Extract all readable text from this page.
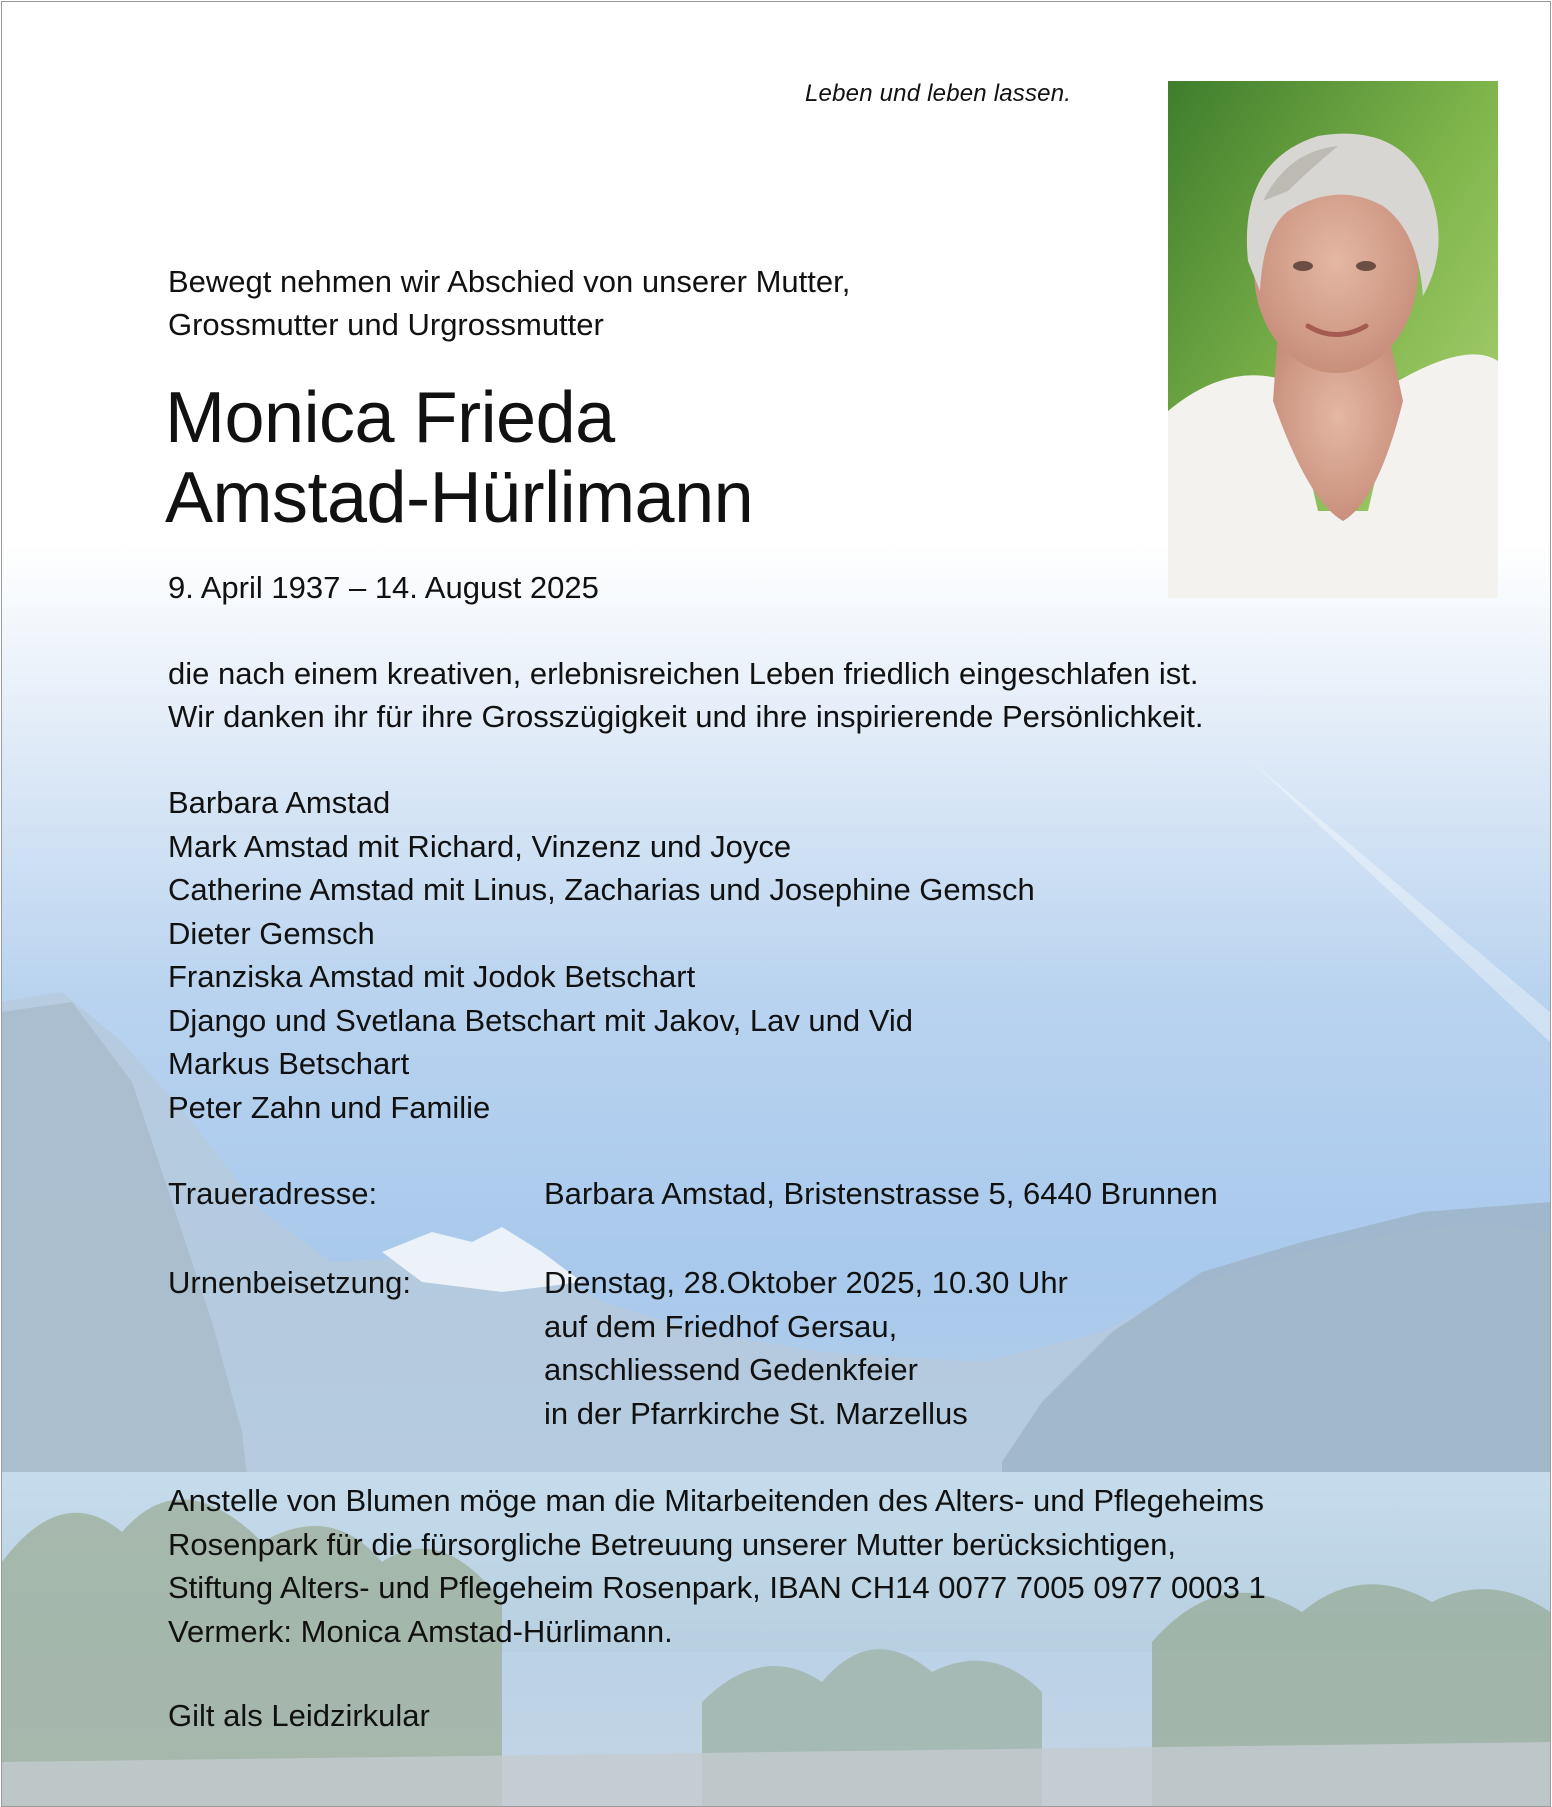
Leben und leben lassen.
Bewegt nehmen wir Abschied von unserer Mutter,
Grossmutter und Urgrossmutter
Monica Frieda
Amstad-Hürlimann
9. April 1937 – 14. August 2025
die nach einem kreativen, erlebnisreichen Leben friedlich eingeschlafen ist.
Wir danken ihr für ihre Grosszügigkeit und ihre inspirierende Persönlichkeit.
Barbara Amstad
Mark Amstad mit Richard, Vinzenz und Joyce
Catherine Amstad mit Linus, Zacharias und Josephine Gemsch
Dieter Gemsch
Franziska Amstad mit Jodok Betschart
Django und Svetlana Betschart mit Jakov, Lav und Vid
Markus Betschart
Peter Zahn und Familie
Traueradresse:	Barbara Amstad, Bristenstrasse 5, 6440 Brunnen
Urnenbeisetzung:	Dienstag, 28.Oktober 2025, 10.30 Uhr
auf dem Friedhof Gersau,
anschliessend Gedenkfeier
in der Pfarrkirche St. Marzellus
Anstelle von Blumen möge man die Mitarbeitenden des Alters- und Pflegeheims
Rosenpark für die fürsorgliche Betreuung unserer Mutter berücksichtigen,
Stiftung Alters- und Pflegeheim Rosenpark, IBAN CH14 0077 7005 0977 0003 1
Vermerk: Monica Amstad-Hürlimann.
Gilt als Leidzirkular
